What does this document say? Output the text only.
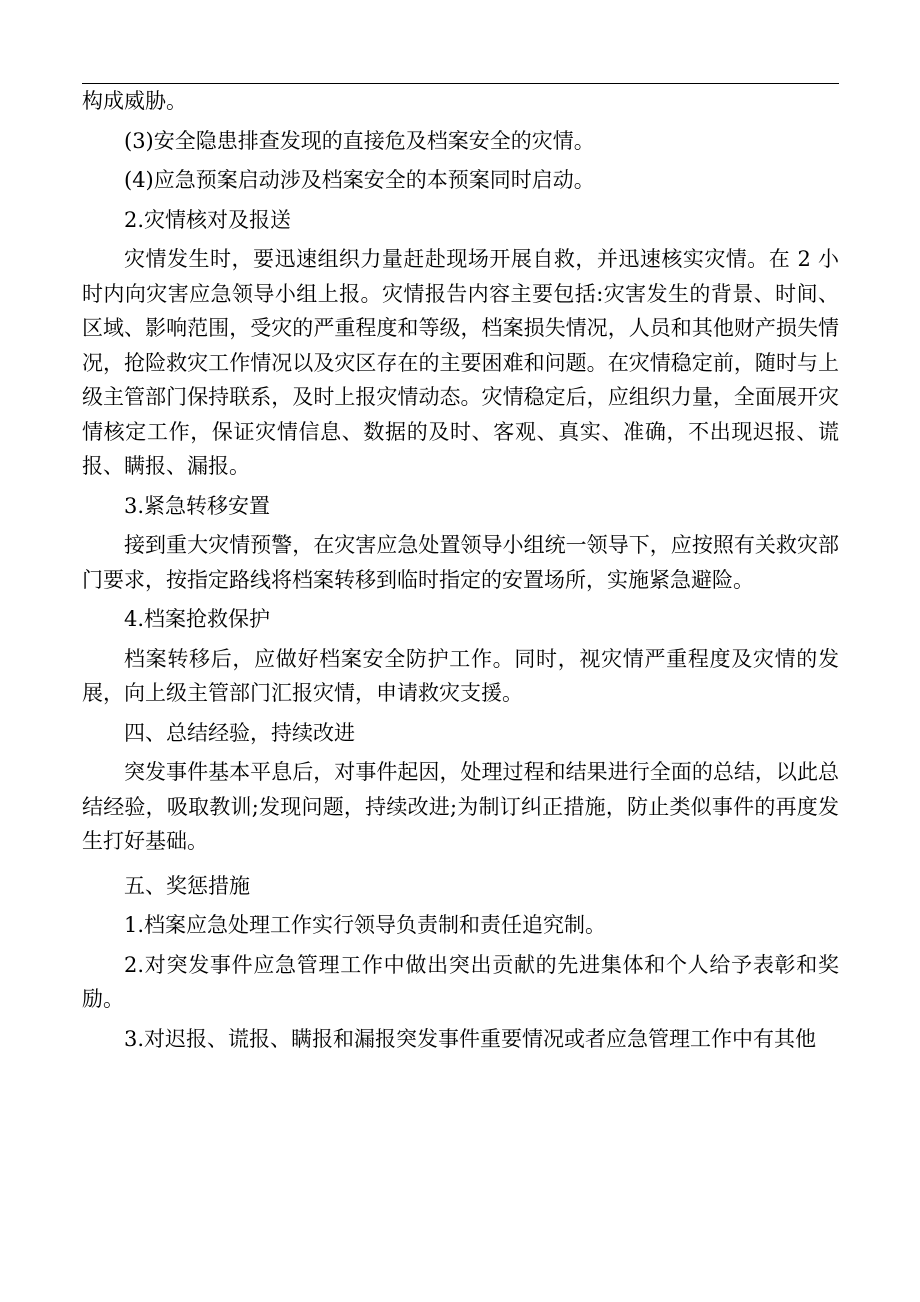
构成威胁。

(3)安全隐患排查发现的直接危及档案安全的灾情。

(4)应急预案启动涉及档案安全的本预案同时启动。

2.灾情核对及报送

灾情发生时，要迅速组织力量赶赴现场开展自救，并迅速核实灾情。在 2 小时内向灾害应急领导小组上报。灾情报告内容主要包括:灾害发生的背景、时间、区域、影响范围，受灾的严重程度和等级，档案损失情况，人员和其他财产损失情况，抢险救灾工作情况以及灾区存在的主要困难和问题。在灾情稳定前，随时与上级主管部门保持联系，及时上报灾情动态。灾情稳定后，应组织力量，全面展开灾情核定工作，保证灾情信息、数据的及时、客观、真实、准确，不出现迟报、谎报、瞒报、漏报。

3.紧急转移安置

接到重大灾情预警，在灾害应急处置领导小组统一领导下，应按照有关救灾部门要求，按指定路线将档案转移到临时指定的安置场所，实施紧急避险。

4.档案抢救保护

档案转移后，应做好档案安全防护工作。同时，视灾情严重程度及灾情的发展，向上级主管部门汇报灾情，申请救灾支援。

四、总结经验，持续改进

突发事件基本平息后，对事件起因，处理过程和结果进行全面的总结，以此总结经验，吸取教训;发现问题，持续改进;为制订纠正措施，防止类似事件的再度发生打好基础。

五、奖惩措施

1.档案应急处理工作实行领导负责制和责任追究制。

2.对突发事件应急管理工作中做出突出贡献的先进集体和个人给予表彰和奖励。

3.对迟报、谎报、瞒报和漏报突发事件重要情况或者应急管理工作中有其他
